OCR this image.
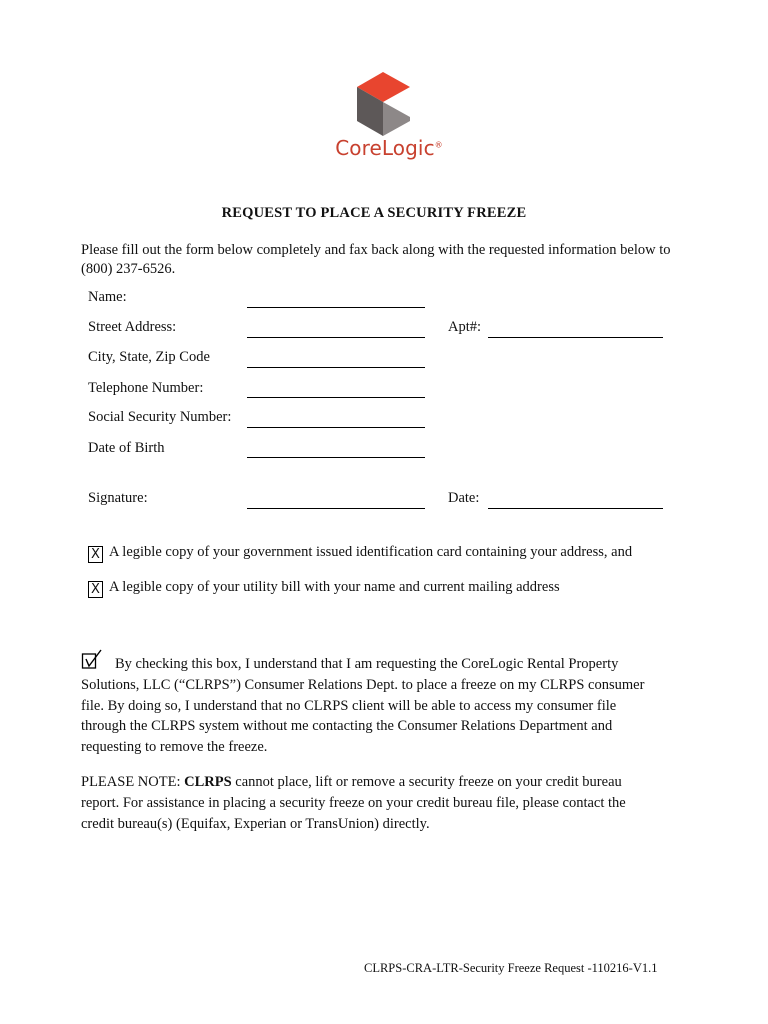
CoreLogic®
REQUEST TO PLACE A SECURITY FREEZE
Please fill out the form below completely and fax back along with the requested information below to (800) 237-6526.
Name:
Street Address:	Apt#:
City, State, Zip Code
Telephone Number:
Social Security Number:
Date of Birth
Signature:	Date:
X A legible copy of your government issued identification card containing your address, and
X A legible copy of your utility bill with your name and current mailing address
By checking this box, I understand that I am requesting the CoreLogic Rental Property Solutions, LLC (“CLRPS”) Consumer Relations Dept. to place a freeze on my CLRPS consumer file. By doing so, I understand that no CLRPS client will be able to access my consumer file through the CLRPS system without me contacting the Consumer Relations Department and requesting to remove the freeze.
PLEASE NOTE: CLRPS cannot place, lift or remove a security freeze on your credit bureau report. For assistance in placing a security freeze on your credit bureau file, please contact the credit bureau(s) (Equifax, Experian or TransUnion) directly.
CLRPS-CRA-LTR-Security Freeze Request -110216-V1.1
